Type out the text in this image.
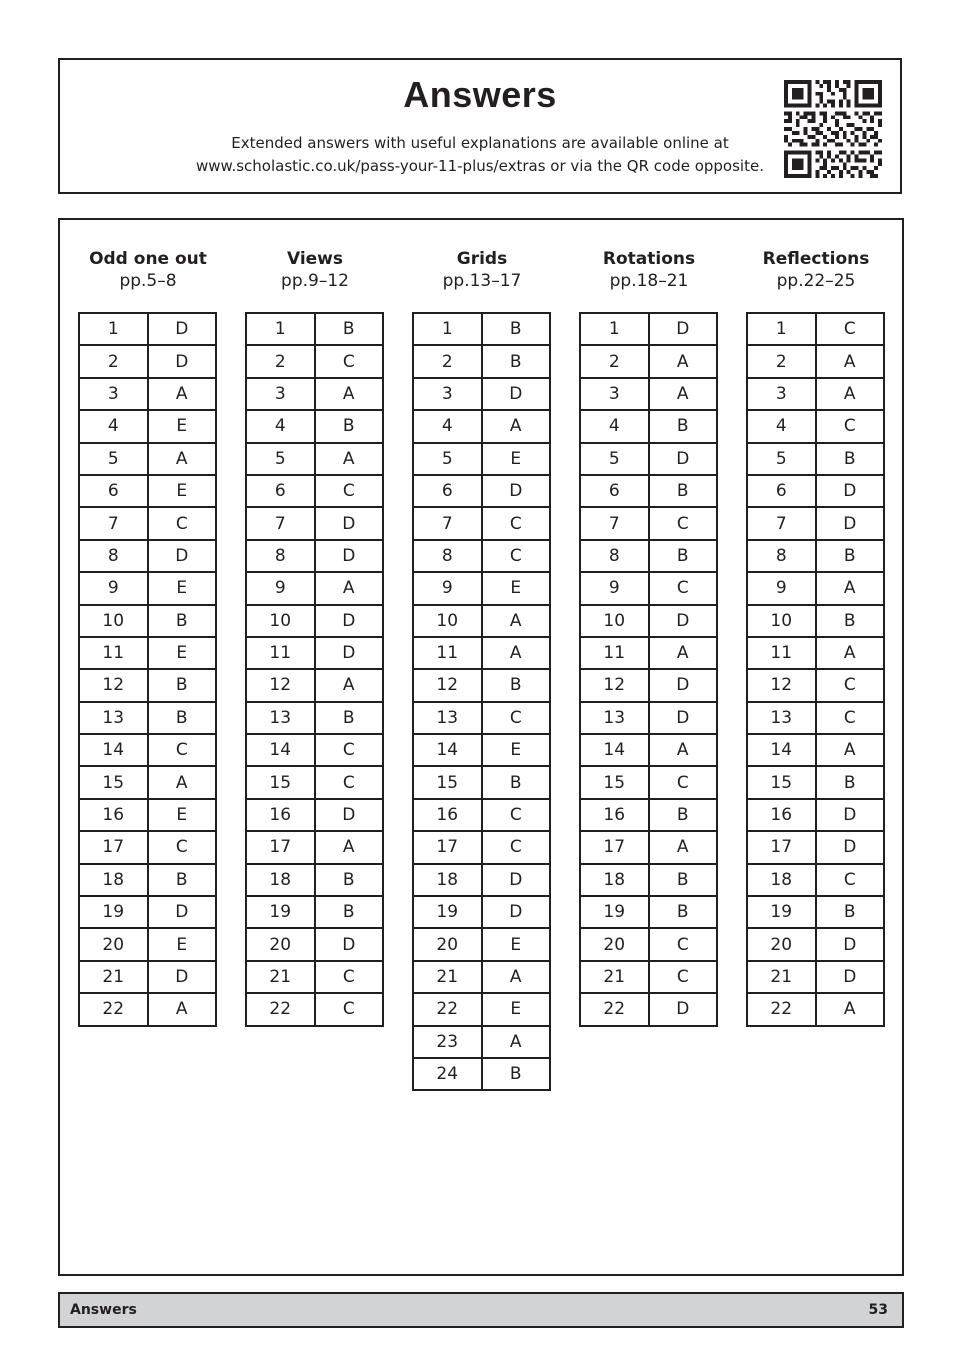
Answers
Extended answers with useful explanations are available online at
www.scholastic.co.uk/pass-your-11-plus/extras or via the QR code opposite.
Odd one out
pp.5–8
1	D
2	D
3	A
4	E
5	A
6	E
7	C
8	D
9	E
10	B
11	E
12	B
13	B
14	C
15	A
16	E
17	C
18	B
19	D
20	E
21	D
22	A
Views
pp.9–12
1	B
2	C
3	A
4	B
5	A
6	C
7	D
8	D
9	A
10	D
11	D
12	A
13	B
14	C
15	C
16	D
17	A
18	B
19	B
20	D
21	C
22	C
Grids
pp.13–17
1	B
2	B
3	D
4	A
5	E
6	D
7	C
8	C
9	E
10	A
11	A
12	B
13	C
14	E
15	B
16	C
17	C
18	D
19	D
20	E
21	A
22	E
23	A
24	B
Rotations
pp.18–21
1	D
2	A
3	A
4	B
5	D
6	B
7	C
8	B
9	C
10	D
11	A
12	D
13	D
14	A
15	C
16	B
17	A
18	B
19	B
20	C
21	C
22	D
Reflections
pp.22–25
1	C
2	A
3	A
4	C
5	B
6	D
7	D
8	B
9	A
10	B
11	A
12	C
13	C
14	A
15	B
16	D
17	D
18	C
19	B
20	D
21	D
22	A
Answers	53
